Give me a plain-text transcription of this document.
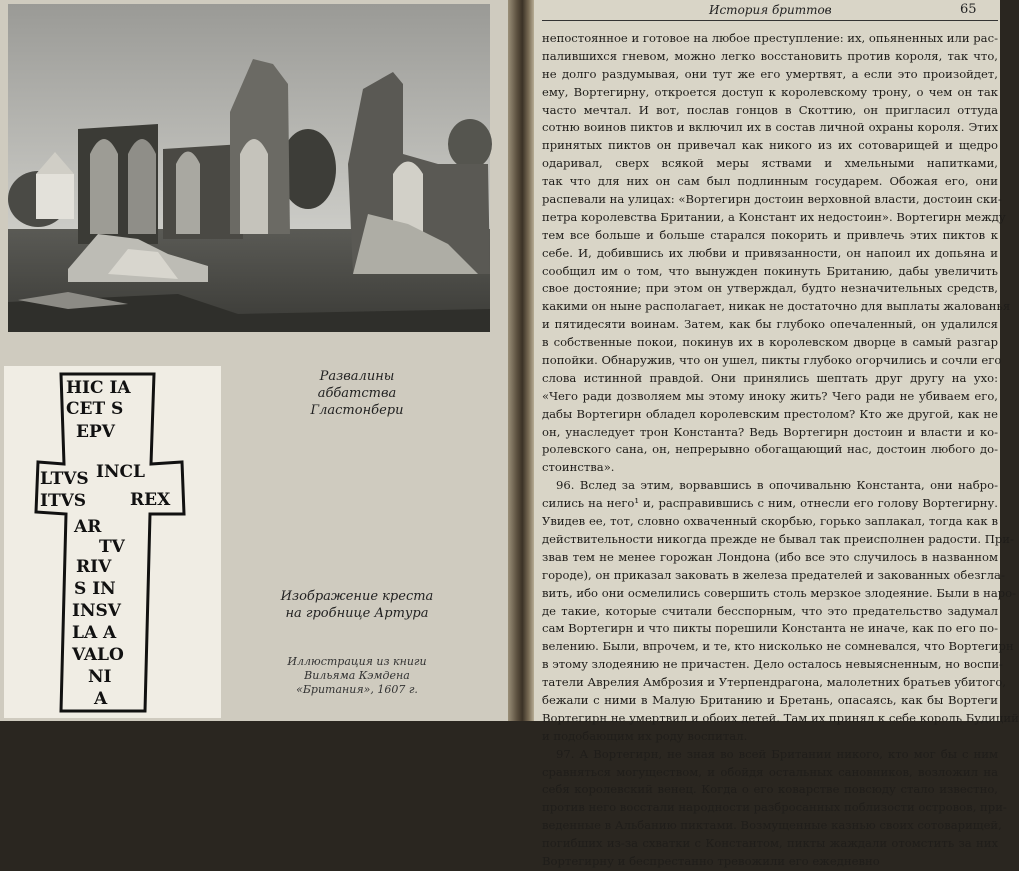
HIC IA
CET S
EPV
LTVS INCL
ITVS	REX
AR
TV
RIV
S IN
INSV
LA A
VALO
NI
A
Развалины
аббатства
Гластонбери
Изображение креста
на гробнице Артура
Иллюстрация из книги
Вильяма Кэмдена
«Британия», 1607 г.
История бриттов	65
непостоянное и готовое на любое преступление: их, опьяненных или рас-
палившихся гневом, можно легко восстановить против короля, так что,
не долго раздумывая, они тут же его умертвят, а если это произойдет,
ему, Вортегирну, откроется доступ к королевскому трону, о чем он так
часто мечтал. И вот, послав гонцов в Скоттию, он пригласил оттуда
сотню воинов пиктов и включил их в состав личной охраны короля. Этих
принятых пиктов он привечал как никого из их сотоварищей и щедро
одаривал, сверх всякой меры яствами и хмельными напитками,
так что для них он сам был подлинным государем. Обожая его, они
распевали на улицах: «Вортегирн достоин верховной власти, достоин ски-
петра королевства Британии, а Констант их недостоин». Вортегирн между
тем все больше и больше старался покорить и привлечь этих пиктов к
себе. И, добившись их любви и привязанности, он напоил их допьяна и
сообщил им о том, что вынужден покинуть Британию, дабы увеличить
свое достояние; при этом он утверждал, будто незначительных средств,
какими он ныне располагает, никак не достаточно для выплаты жалованья
и пятидесяти воинам. Затем, как бы глубоко опечаленный, он удалился
в собственные покои, покинув их в королевском дворце в самый разгар
попойки. Обнаружив, что он ушел, пикты глубоко огорчились и сочли его
слова истинной правдой. Они принялись шептать друг другу на ухо:
«Чего ради дозволяем мы этому иноку жить? Чего ради не убиваем его,
дабы Вортегирн обладел королевским престолом? Кто же другой, как не
он, унаследует трон Константа? Ведь Вортегирн достоин и власти и ко-
ролевского сана, он, непрерывно обогащающий нас, достоин любого до-
стоинства».
96. Вслед за этим, ворвавшись в опочивальню Константа, они набро-
сились на него¹ и, расправившись с ним, отнесли его голову Вортегирну.
Увидев ее, тот, словно охваченный скорбью, горько заплакал, тогда как в
действительности никогда прежде не бывал так преисполнен радости. При-
звав тем не менее горожан Лондона (ибо все это случилось в названном
городе), он приказал заковать в железа предателей и закованных обезгла-
вить, ибо они осмелились совершить столь мерзкое злодеяние. Были в наро-
де такие, которые считали бесспорным, что это предательство задумал
сам Вортегирн и что пикты порешили Константа не иначе, как по его по-
велению. Были, впрочем, и те, кто нисколько не сомневался, что Вортегирн
в этому злодеянию не причастен. Дело осталось невыясненным, но воспи-
татели Аврелия Амброзия и Утерпендрагона, малолетних братьев убитого,
бежали с ними в Малую Британию и Бретань, опасаясь, как бы Вортеги
Вортегирн не умертвил и обоих детей. Там их принял к себе король Будиций
и подобающим их роду воспитал.
97. А Вортегирн, не зная во всей Британии никого, кто мог бы с ним
сравняться могуществом, и обойдя остальных сановников, возложил на
себя королевский венец. Когда о его коварстве повсюду стало известно,
против него восстали народности разбросанных поблизости островов, при-
веденные в Альбанию пиктами. Возмущенные казнью своих сотоварищей,
погибших из-за схватки с Константом, пикты жаждали отомстить за них
Вортегирну и беспрестанно тревожили его ежедневно
